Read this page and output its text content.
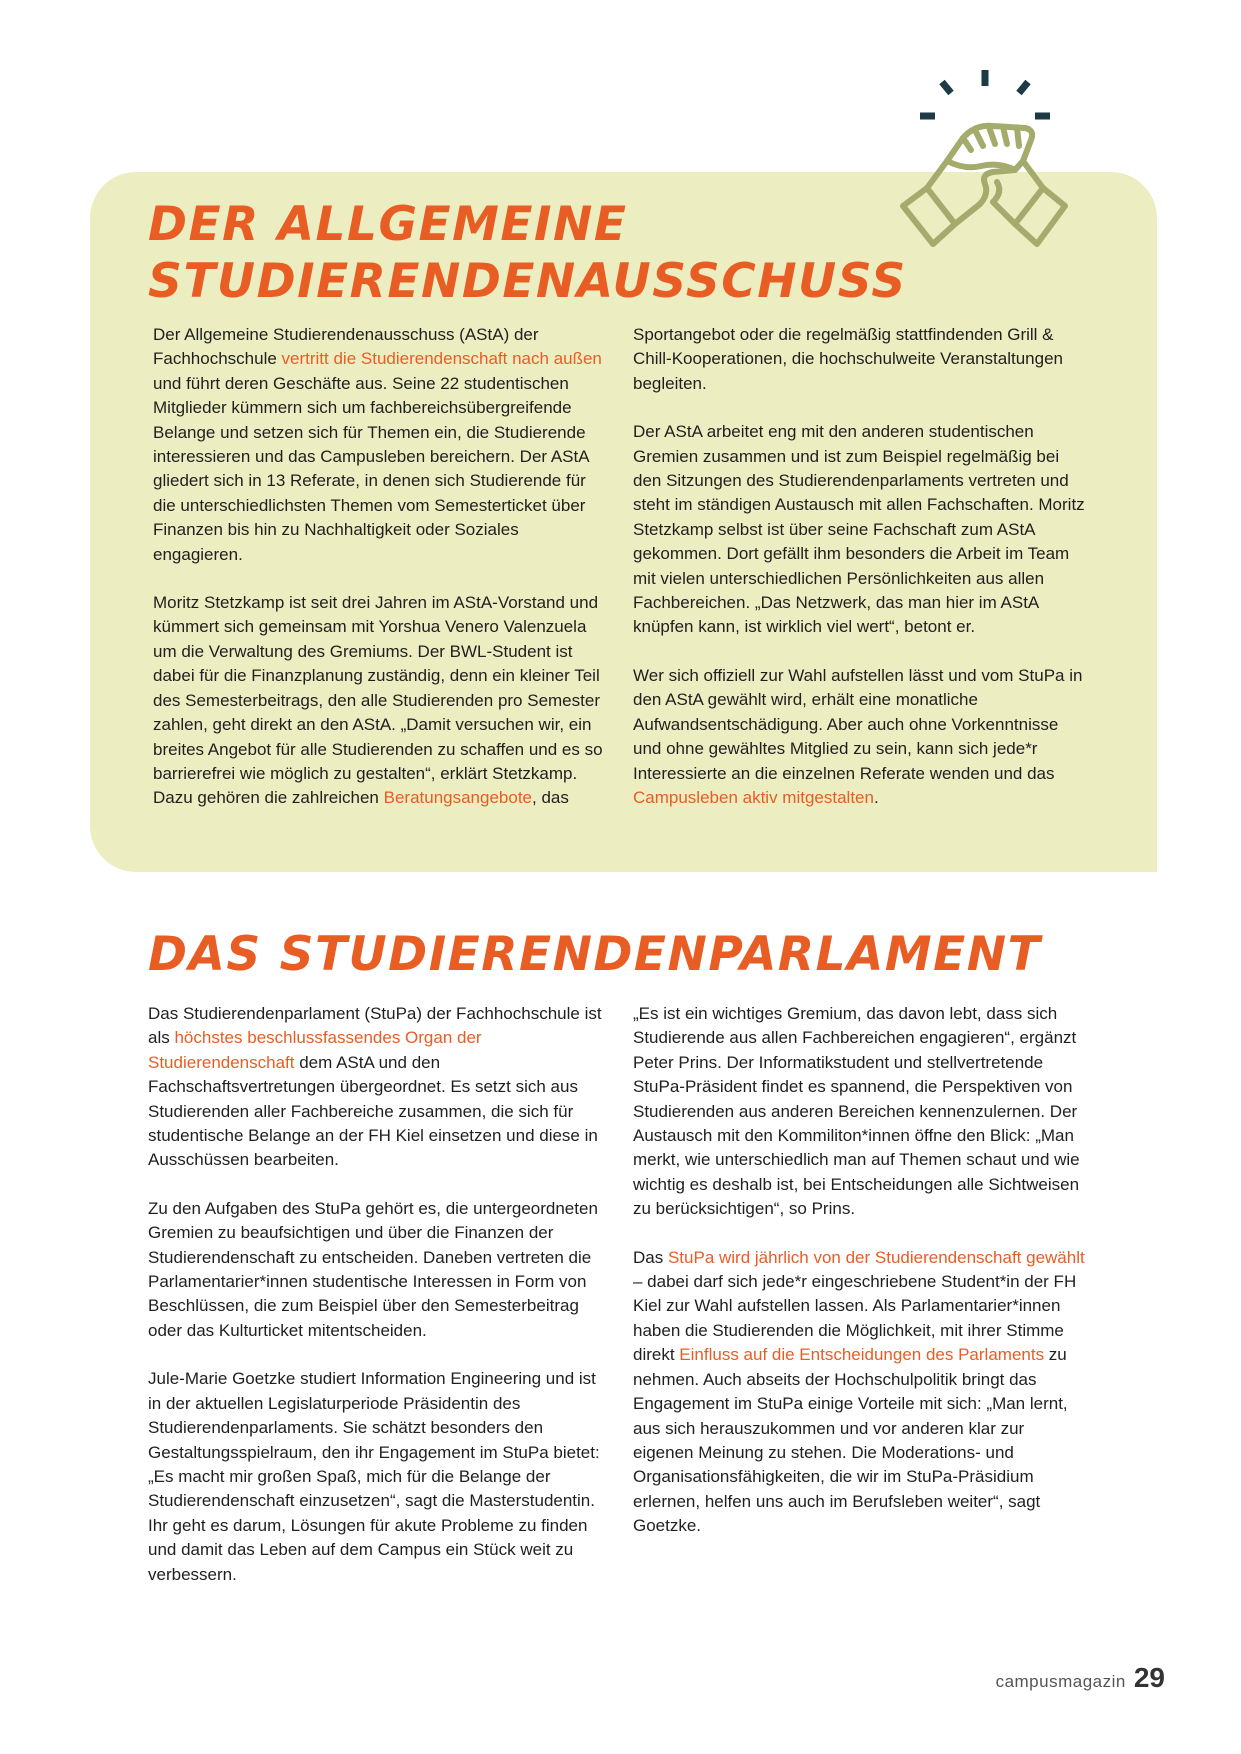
DER ALLGEMEINE
STUDIERENDENAUSSCHUSS

Der Allgemeine Studierendenausschuss (AStA) der Fachhochschule vertritt die Studierendenschaft nach außen und führt deren Geschäfte aus. Seine 22 studentischen Mitglieder kümmern sich um fachbereichsübergreifende Belange und setzen sich für Themen ein, die Studierende interessieren und das Campusleben bereichern. Der AStA gliedert sich in 13 Referate, in denen sich Studierende für die unterschiedlichsten Themen vom Semesterticket über Finanzen bis hin zu Nachhaltigkeit oder Soziales engagieren.

Moritz Stetzkamp ist seit drei Jahren im AStA-Vorstand und kümmert sich gemeinsam mit Yorshua Venero Valenzuela um die Verwaltung des Gremiums. Der BWL-Student ist dabei für die Finanzplanung zuständig, denn ein kleiner Teil des Semesterbeitrags, den alle Studierenden pro Semester zahlen, geht direkt an den AStA. „Damit versuchen wir, ein breites Angebot für alle Studierenden zu schaffen und es so barrierefrei wie möglich zu gestalten“, erklärt Stetzkamp. Dazu gehören die zahlreichen Beratungsangebote, das

Sportangebot oder die regelmäßig stattfindenden Grill & Chill-Kooperationen, die hochschulweite Veranstaltungen begleiten.

Der AStA arbeitet eng mit den anderen studentischen Gremien zusammen und ist zum Beispiel regelmäßig bei den Sitzungen des Studierendenparlaments vertreten und steht im ständigen Austausch mit allen Fachschaften. Moritz Stetzkamp selbst ist über seine Fachschaft zum AStA gekommen. Dort gefällt ihm besonders die Arbeit im Team mit vielen unterschiedlichen Persönlichkeiten aus allen Fachbereichen. „Das Netzwerk, das man hier im AStA knüpfen kann, ist wirklich viel wert“, betont er.

Wer sich offiziell zur Wahl aufstellen lässt und vom StuPa in den AStA gewählt wird, erhält eine monatliche Aufwandsentschädigung. Aber auch ohne Vorkenntnisse und ohne gewähltes Mitglied zu sein, kann sich jede*r Interessierte an die einzelnen Referate wenden und das Campusleben aktiv mitgestalten.

DAS STUDIERENDENPARLAMENT

Das Studierendenparlament (StuPa) der Fachhochschule ist als höchstes beschlussfassendes Organ der Studierendenschaft dem AStA und den Fachschaftsvertretungen übergeordnet. Es setzt sich aus Studierenden aller Fachbereiche zusammen, die sich für studentische Belange an der FH Kiel einsetzen und diese in Ausschüssen bearbeiten.

Zu den Aufgaben des StuPa gehört es, die untergeordneten Gremien zu beaufsichtigen und über die Finanzen der Studierendenschaft zu entscheiden. Daneben vertreten die Parlamentarier*innen studentische Interessen in Form von Beschlüssen, die zum Beispiel über den Semesterbeitrag oder das Kulturticket mitentscheiden.

Jule-Marie Goetzke studiert Information Engineering und ist in der aktuellen Legislaturperiode Präsidentin des Studierendenparlaments. Sie schätzt besonders den Gestaltungsspielraum, den ihr Engagement im StuPa bietet: „Es macht mir großen Spaß, mich für die Belange der Studierendenschaft einzusetzen“, sagt die Masterstudentin. Ihr geht es darum, Lösungen für akute Probleme zu finden und damit das Leben auf dem Campus ein Stück weit zu verbessern.

„Es ist ein wichtiges Gremium, das davon lebt, dass sich Studierende aus allen Fachbereichen engagieren“, ergänzt Peter Prins. Der Informatikstudent und stellvertretende StuPa-Präsident findet es spannend, die Perspektiven von Studierenden aus anderen Bereichen kennenzulernen. Der Austausch mit den Kommiliton*innen öffne den Blick: „Man merkt, wie unterschiedlich man auf Themen schaut und wie wichtig es deshalb ist, bei Entscheidungen alle Sichtweisen zu berücksichtigen“, so Prins.

Das StuPa wird jährlich von der Studierendenschaft gewählt – dabei darf sich jede*r eingeschriebene Student*in der FH Kiel zur Wahl aufstellen lassen. Als Parlamentarier*innen haben die Studierenden die Möglichkeit, mit ihrer Stimme direkt Einfluss auf die Entscheidungen des Parlaments zu nehmen. Auch abseits der Hochschulpolitik bringt das Engagement im StuPa einige Vorteile mit sich: „Man lernt, aus sich herauszukommen und vor anderen klar zur eigenen Meinung zu stehen. Die Moderations- und Organisationsfähigkeiten, die wir im StuPa-Präsidium erlernen, helfen uns auch im Berufsleben weiter“, sagt Goetzke.

campusmagazin 29
